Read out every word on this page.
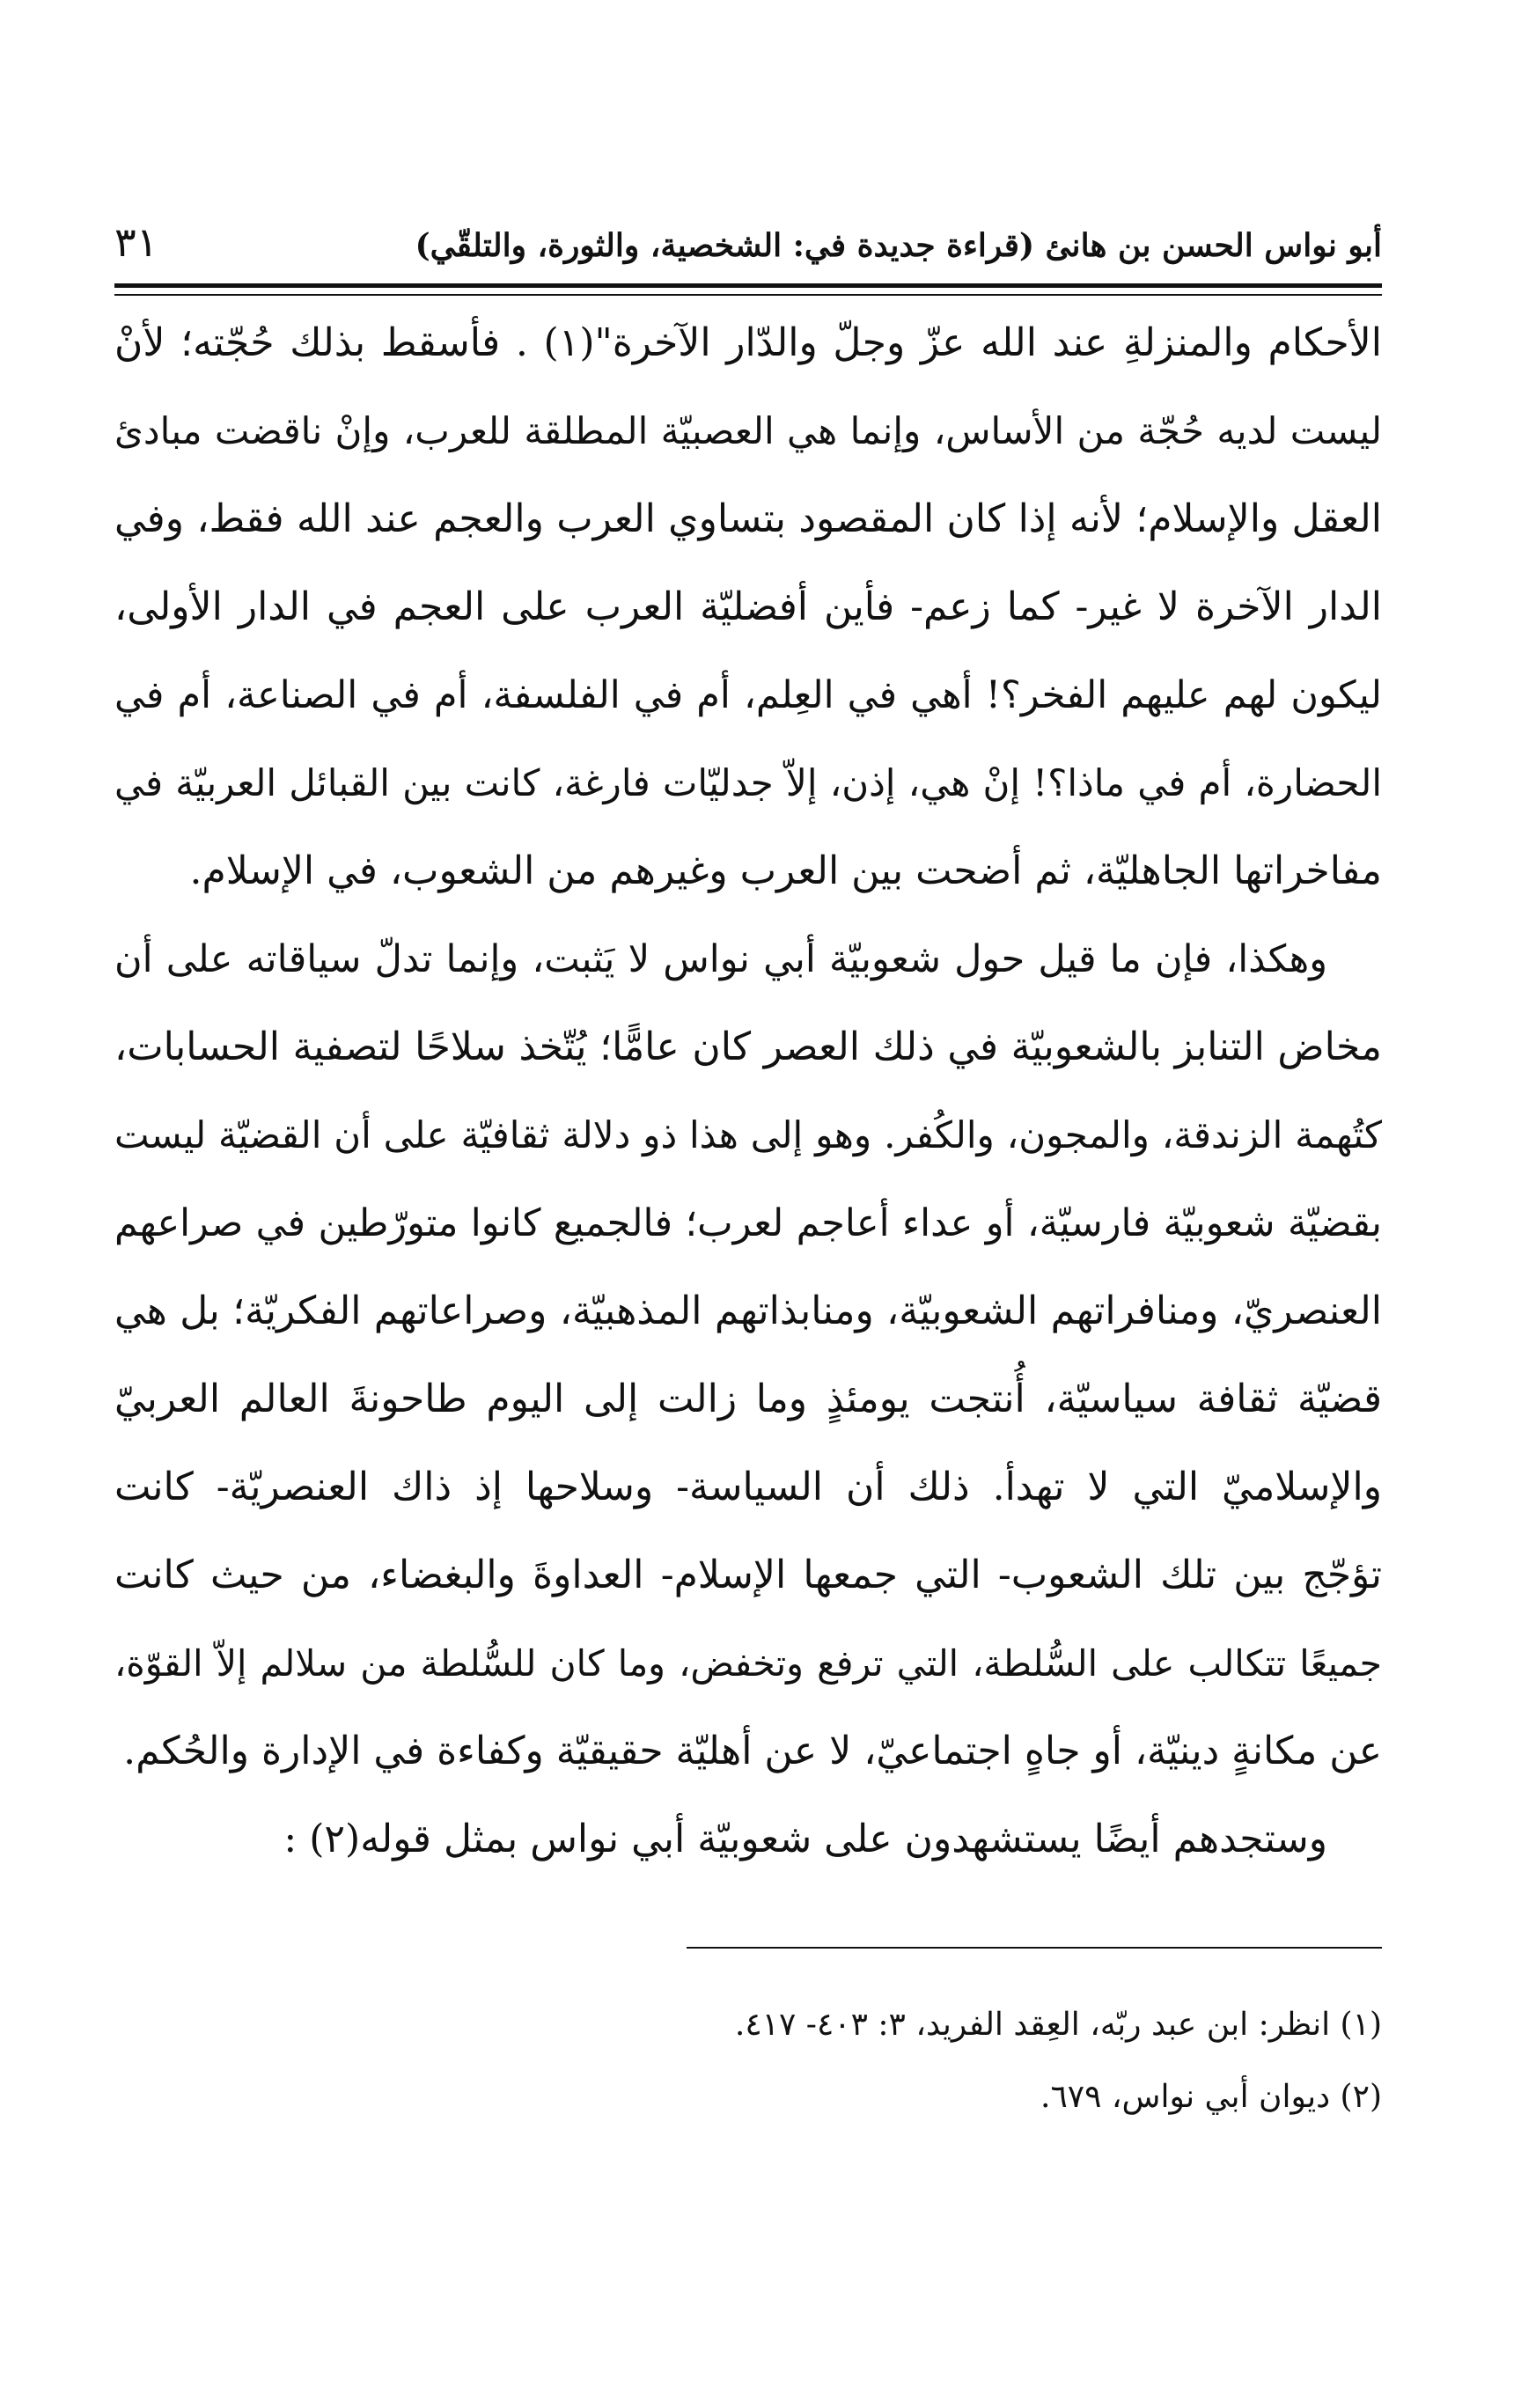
أبو نواس الحسن بن هانئ (قراءة جديدة في: الشخصية، والثورة، والتلقّي)
٣١
الأحكام والمنزلةِ عند الله عزّ وجلّ والدّار الآخرة"(١) . فأسقط بذلك حُجّته؛ لأنْ
ليست لديه حُجّة من الأساس، وإنما هي العصبيّة المطلقة للعرب، وإنْ ناقضت مبادئ
العقل والإسلام؛ لأنه إذا كان المقصود بتساوي العرب والعجم عند الله فقط، وفي
الدار الآخرة لا غير- كما زعم- فأين أفضليّة العرب على العجم في الدار الأولى،
ليكون لهم عليهم الفخر؟! أهي في العِلم، أم في الفلسفة، أم في الصناعة، أم في
الحضارة، أم في ماذا؟! إنْ هي، إذن، إلاّ جدليّات فارغة، كانت بين القبائل العربيّة في
مفاخراتها الجاهليّة، ثم أضحت بين العرب وغيرهم من الشعوب، في الإسلام.
وهكذا، فإن ما قيل حول شعوبيّة أبي نواس لا يَثبت، وإنما تدلّ سياقاته على أن
مخاض التنابز بالشعوبيّة في ذلك العصر كان عامًّا؛ يُتّخذ سلاحًا لتصفية الحسابات،
كتُهمة الزندقة، والمجون، والكُفر. وهو إلى هذا ذو دلالة ثقافيّة على أن القضيّة ليست
بقضيّة شعوبيّة فارسيّة، أو عداء أعاجم لعرب؛ فالجميع كانوا متورّطين في صراعهم
العنصريّ، ومنافراتهم الشعوبيّة، ومنابذاتهم المذهبيّة، وصراعاتهم الفكريّة؛ بل هي
قضيّة ثقافة سياسيّة، أُنتجت يومئذٍ وما زالت إلى اليوم طاحونةَ العالم العربيّ
والإسلاميّ التي لا تهدأ. ذلك أن السياسة- وسلاحها إذ ذاك العنصريّة- كانت
تؤجّج بين تلك الشعوب- التي جمعها الإسلام- العداوةَ والبغضاء، من حيث كانت
جميعًا تتكالب على السُّلطة، التي ترفع وتخفض، وما كان للسُّلطة من سلالم إلاّ القوّة،
عن مكانةٍ دينيّة، أو جاهٍ اجتماعيّ، لا عن أهليّة حقيقيّة وكفاءة في الإدارة والحُكم.
وستجدهم أيضًا يستشهدون على شعوبيّة أبي نواس بمثل قوله(٢) :
(١) انظر: ابن عبد ربّه، العِقد الفريد، ٣: ٤٠٣- ٤١٧.
(٢) ديوان أبي نواس، ٦٧٩.
